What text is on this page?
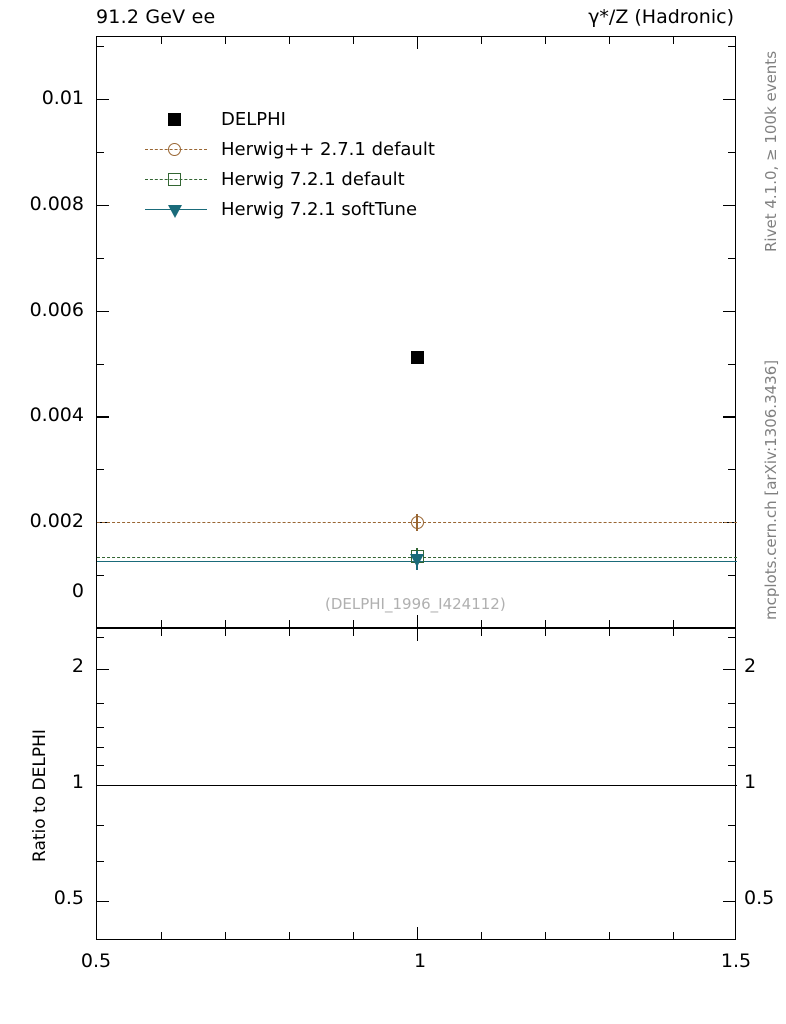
91.2 GeV ee	γ*/Z (Hadronic)
DELPHI
Herwig++ 2.7.1 default
Herwig 7.2.1 default
Herwig 7.2.1 softTune
(DELPHI_1996_I424112)
0
0.002
0.004
0.006
0.008
0.01
2
1
0.5
2
1
0.5
0.5	1	1.5
Ratio to DELPHI
Rivet 4.1.0, ≥ 100k events
mcplots.cern.ch [arXiv:1306.3436]
